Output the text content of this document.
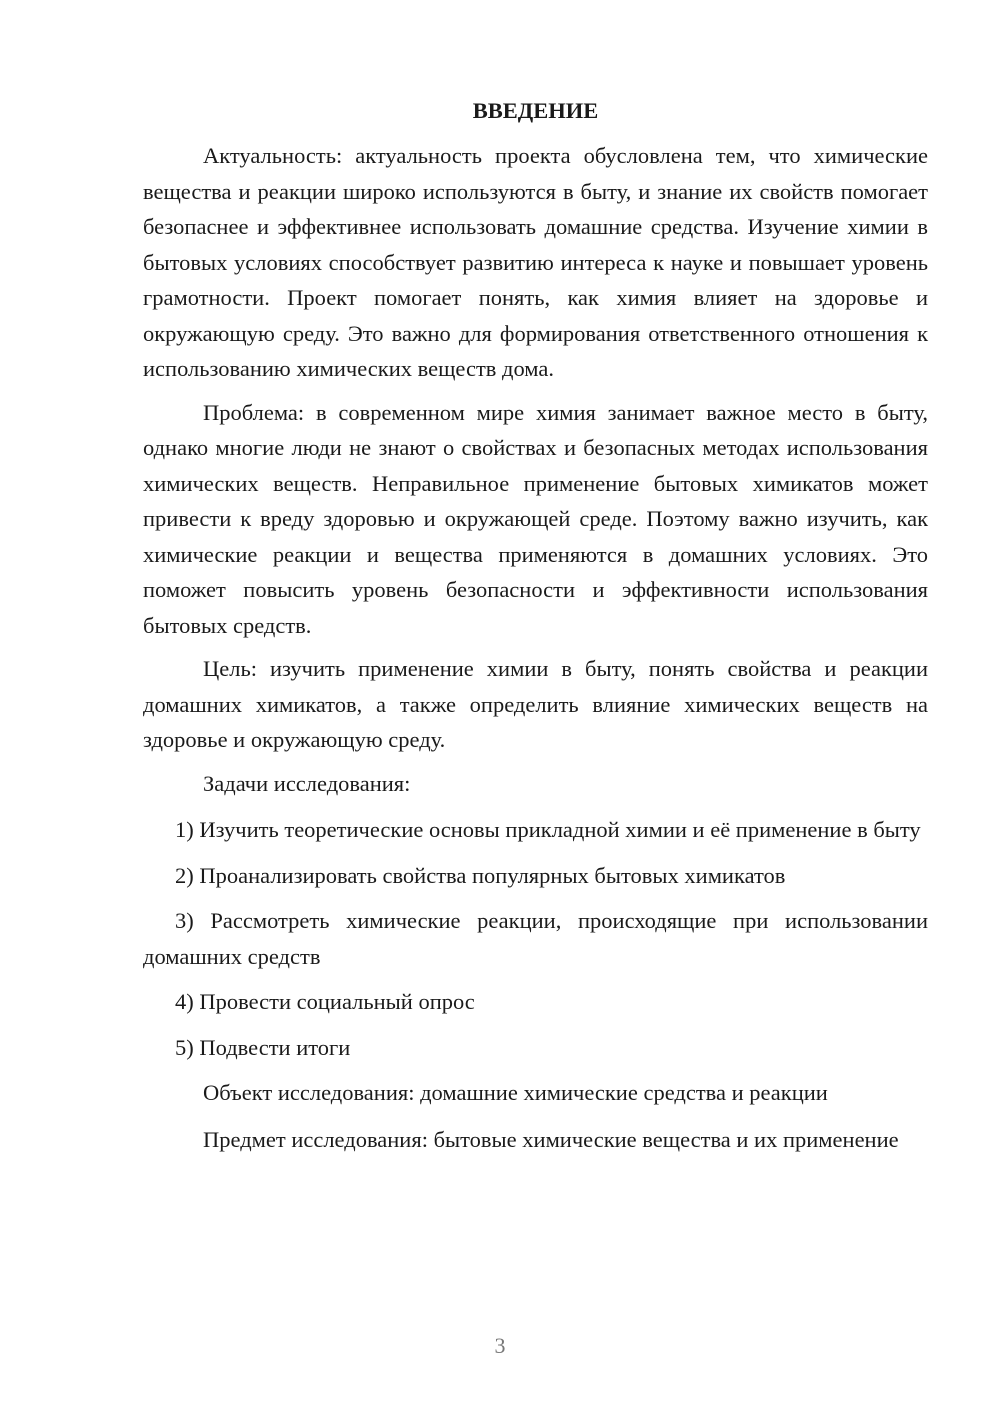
ВВЕДЕНИЕ

Актуальность: актуальность проекта обусловлена тем, что химические вещества и реакции широко используются в быту, и знание их свойств помогает безопаснее и эффективнее использовать домашние средства. Изучение химии в бытовых условиях способствует развитию интереса к науке и повышает уровень грамотности. Проект помогает понять, как химия влияет на здоровье и окружающую среду. Это важно для формирования ответственного отношения к использованию химических веществ дома.

Проблема: в современном мире химия занимает важное место в быту, однако многие люди не знают о свойствах и безопасных методах использования химических веществ. Неправильное применение бытовых химикатов может привести к вреду здоровью и окружающей среде. Поэтому важно изучить, как химические реакции и вещества применяются в домашних условиях. Это поможет повысить уровень безопасности и эффективности использования бытовых средств.

Цель: изучить применение химии в быту, понять свойства и реакции домашних химикатов, а также определить влияние химических веществ на здоровье и окружающую среду.

Задачи исследования:

1) Изучить теоретические основы прикладной химии и её применение в быту

2) Проанализировать свойства популярных бытовых химикатов

3) Рассмотреть химические реакции, происходящие при использовании домашних средств

4) Провести социальный опрос

5) Подвести итоги

Объект исследования: домашние химические средства и реакции

Предмет исследования: бытовые химические вещества и их применение

3
